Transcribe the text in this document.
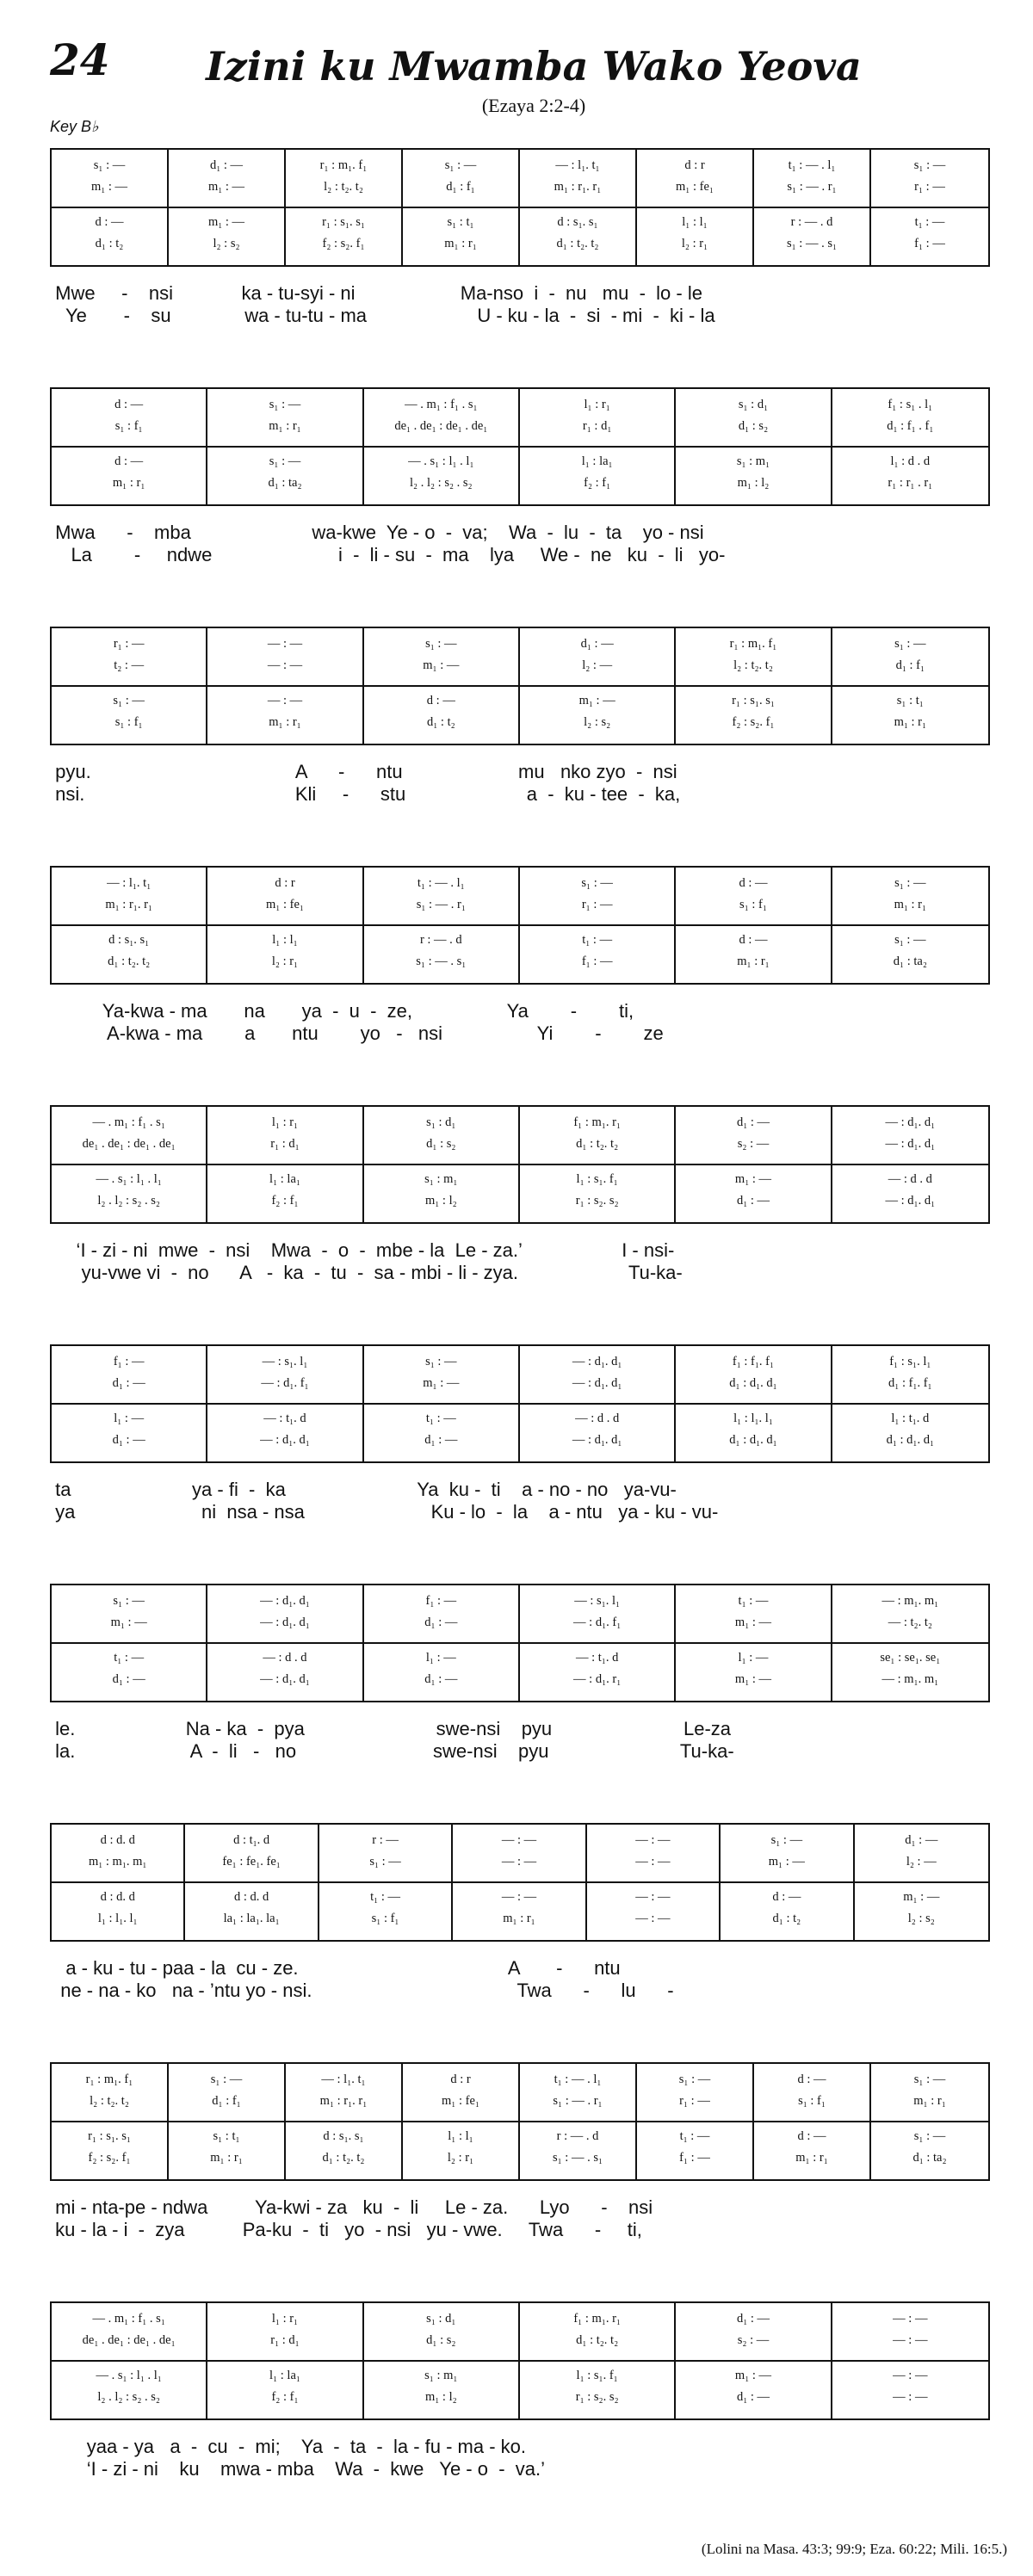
24	Izini ku Mwamba Wako Yeova
(Ezaya 2:2-4)
Key B♭
s₁ : —
m₁ : —
d : —
d₁ : t₂
d₁ : —
m₁ : —
m₁ : —
l₂ : s₂
r₁ : m₁. f₁
l₂ : t₂. t₂
r₁ : s₁. s₁
f₂ : s₂. f₁
s₁ : —
d₁ : f₁
s₁ : t₁
m₁ : r₁
— : l₁. t₁
m₁ : r₁. r₁
d : s₁. s₁
d₁ : t₂. t₂
d : r
m₁ : fe₁
l₁ : l₁
l₂ : r₁
t₁ : — . l₁
s₁ : — . r₁
r : — . d
s₁ : — . s₁
s₁ : —
r₁ : —
t₁ : —
f₁ : —
Mwe     -    nsi             ka - tu-syi - ni                    Ma-nso  i  -  nu   mu  -  lo - le
Ye       -    su              wa - tu-tu - ma                     U - ku - la  -  si  - mi  -  ki - la
d : —
s₁ : f₁
d : —
m₁ : r₁
s₁ : —
m₁ : r₁
s₁ : —
d₁ : ta₂
— . m₁ : f₁ . s₁
de₁ . de₁ : de₁ . de₁
— . s₁ : l₁ . l₁
l₂ . l₂ : s₂ . s₂
l₁ : r₁
r₁ : d₁
l₁ : la₁
f₂ : f₁
s₁ : d₁
d₁ : s₂
s₁ : m₁
m₁ : l₂
f₁ : s₁ . l₁
d₁ : f₁ . f₁
l₁ : d . d
r₁ : r₁ . r₁
Mwa      -    mba                       wa-kwe  Ye - o  -  va;    Wa  -  lu  -  ta    yo - nsi
La        -     ndwe                        i  -  li - su  -  ma    lya     We -  ne   ku  -  li   yo-
r₁ : —
t₂ : —
s₁ : —
s₁ : f₁
— : —
— : —
— : —
m₁ : r₁
s₁ : —
m₁ : —
d : —
d₁ : t₂
d₁ : —
l₂ : —
m₁ : —
l₂ : s₂
r₁ : m₁. f₁
l₂ : t₂. t₂
r₁ : s₁. s₁
f₂ : s₂. f₁
s₁ : —
d₁ : f₁
s₁ : t₁
m₁ : r₁
pyu.                                       A      -      ntu                      mu   nko zyo  -  nsi
nsi.                                        Kli     -      stu                       a  -  ku - tee  -  ka,
— : l₁. t₁
m₁ : r₁. r₁
d : s₁. s₁
d₁ : t₂. t₂
d : r
m₁ : fe₁
l₁ : l₁
l₂ : r₁
t₁ : — . l₁
s₁ : — . r₁
r : — . d
s₁ : — . s₁
s₁ : —
r₁ : —
t₁ : —
f₁ : —
d : —
s₁ : f₁
d : —
m₁ : r₁
s₁ : —
m₁ : r₁
s₁ : —
d₁ : ta₂
Ya-kwa - ma       na       ya  -  u  -  ze,                  Ya        -        ti,
A-kwa - ma        a       ntu        yo   -   nsi                  Yi        -        ze
— . m₁ : f₁ . s₁
de₁ . de₁ : de₁ . de₁
— . s₁ : l₁ . l₁
l₂ . l₂ : s₂ . s₂
l₁ : r₁
r₁ : d₁
l₁ : la₁
f₂ : f₁
s₁ : d₁
d₁ : s₂
s₁ : m₁
m₁ : l₂
f₁ : m₁. r₁
d₁ : t₂. t₂
l₁ : s₁. f₁
r₁ : s₂. s₂
d₁ : —
s₂ : —
m₁ : —
d₁ : —
— : d₁. d₁
— : d₁. d₁
— : d . d
— : d₁. d₁
‘I - zi - ni  mwe  -  nsi    Mwa  -  o  -  mbe - la  Le - za.’                   I - nsi-
yu-vwe vi  -  no      A   -  ka  -  tu  -  sa - mbi - li - zya.                     Tu-ka-
f₁ : —
d₁ : —
l₁ : —
d₁ : —
— : s₁. l₁
— : d₁. f₁
— : t₁. d
— : d₁. d₁
s₁ : —
m₁ : —
t₁ : —
d₁ : —
— : d₁. d₁
— : d₁. d₁
— : d . d
— : d₁. d₁
f₁ : f₁. f₁
d₁ : d₁. d₁
l₁ : l₁. l₁
d₁ : d₁. d₁
f₁ : s₁. l₁
d₁ : f₁. f₁
l₁ : t₁. d
d₁ : d₁. d₁
ta                       ya - fi  -  ka                         Ya  ku -  ti    a - no - no   ya-vu-
ya                        ni  nsa - nsa                        Ku - lo  -  la    a - ntu   ya - ku - vu-
s₁ : —
m₁ : —
t₁ : —
d₁ : —
— : d₁. d₁
— : d₁. d₁
— : d . d
— : d₁. d₁
f₁ : —
d₁ : —
l₁ : —
d₁ : —
— : s₁. l₁
— : d₁. f₁
— : t₁. d
— : d₁. r₁
t₁ : —
m₁ : —
l₁ : —
m₁ : —
— : m₁. m₁
— : t₂. t₂
se₁ : se₁. se₁
— : m₁. m₁
le.                     Na - ka  -  pya                         swe-nsi    pyu                         Le-za
la.                      A  -  li   -   no                          swe-nsi    pyu                         Tu-ka-
d : d. d
m₁ : m₁. m₁
d : d. d
l₁ : l₁. l₁
d : t₁. d
fe₁ : fe₁. fe₁
d : d. d
la₁ : la₁. la₁
r : —
s₁ : —
t₁ : —
s₁ : f₁
— : —
— : —
— : —
m₁ : r₁
— : —
— : —
— : —
— : —
s₁ : —
m₁ : —
d : —
d₁ : t₂
d₁ : —
l₂ : —
m₁ : —
l₂ : s₂
a - ku - tu - paa - la  cu - ze.                                        A       -      ntu
ne - na - ko   na - ’ntu yo - nsi.                                       Twa      -      lu      -
r₁ : m₁. f₁
l₂ : t₂. t₂
r₁ : s₁. s₁
f₂ : s₂. f₁
s₁ : —
d₁ : f₁
s₁ : t₁
m₁ : r₁
— : l₁. t₁
m₁ : r₁. r₁
d : s₁. s₁
d₁ : t₂. t₂
d : r
m₁ : fe₁
l₁ : l₁
l₂ : r₁
t₁ : — . l₁
s₁ : — . r₁
r : — . d
s₁ : — . s₁
s₁ : —
r₁ : —
t₁ : —
f₁ : —
d : —
s₁ : f₁
d : —
m₁ : r₁
s₁ : —
m₁ : r₁
s₁ : —
d₁ : ta₂
mi - nta-pe - ndwa         Ya-kwi - za   ku  -  li     Le - za.      Lyo      -    nsi
ku - la - i  -  zya           Pa-ku  -  ti   yo  - nsi   yu - vwe.     Twa      -     ti,
— . m₁ : f₁ . s₁
de₁ . de₁ : de₁ . de₁
— . s₁ : l₁ . l₁
l₂ . l₂ : s₂ . s₂
l₁ : r₁
r₁ : d₁
l₁ : la₁
f₂ : f₁
s₁ : d₁
d₁ : s₂
s₁ : m₁
m₁ : l₂
f₁ : m₁. r₁
d₁ : t₂. t₂
l₁ : s₁. f₁
r₁ : s₂. s₂
d₁ : —
s₂ : —
m₁ : —
d₁ : —
— : —
— : —
— : —
— : —
yaa - ya   a  -  cu  -  mi;    Ya  -  ta  -  la - fu - ma - ko.
‘I - zi - ni    ku    mwa - mba    Wa  -  kwe   Ye - o  -  va.’
(Lolini na Masa. 43:3; 99:9; Eza. 60:22; Mili. 16:5.)
